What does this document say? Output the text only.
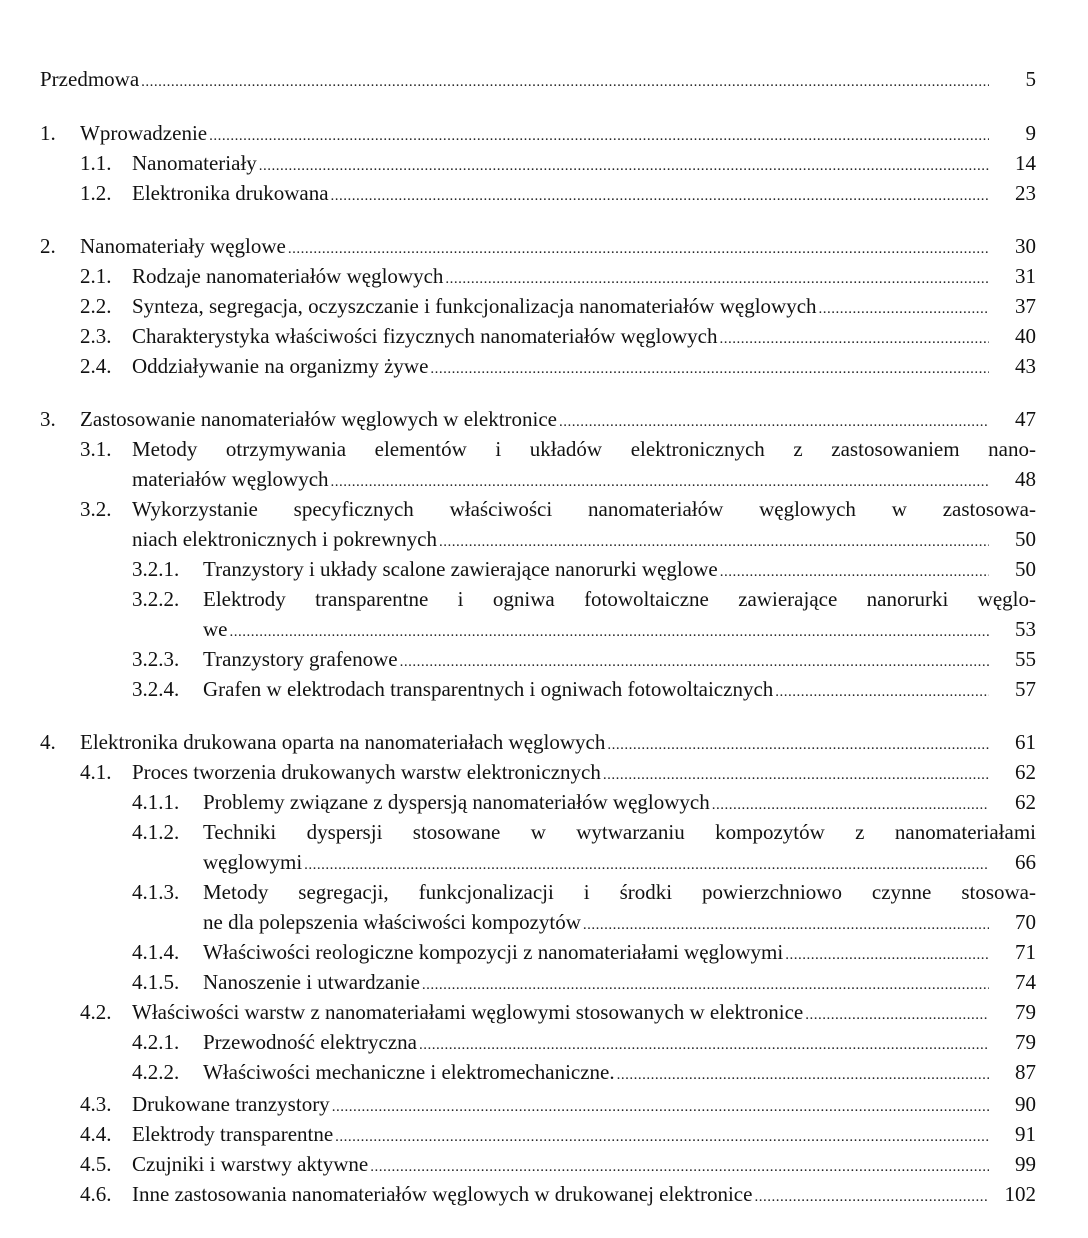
Przedmowa .....	5
1. Wprowadzenie .....	9
1.1. Nanomateriały .....	14
1.2. Elektronika drukowana .....	23
2. Nanomateriały węglowe .....	30
2.1. Rodzaje nanomateriałów węglowych .....	31
2.2. Synteza, segregacja, oczyszczanie i funkcjonalizacja nanomateriałów węglowych .....	37
2.3. Charakterystyka właściwości fizycznych nanomateriałów węglowych .....	40
2.4. Oddziaływanie na organizmy żywe .....	43
3. Zastosowanie nanomateriałów węglowych w elektronice .....	47
3.1. Metody otrzymywania elementów i układów elektronicznych z zastosowaniem nano-
materiałów węglowych .....	48
3.2. Wykorzystanie specyficznych właściwości nanomateriałów węglowych w zastosowa-
niach elektronicznych i pokrewnych .....	50
3.2.1. Tranzystory i układy scalone zawierające nanorurki węglowe .....	50
3.2.2. Elektrody transparentne i ogniwa fotowoltaiczne zawierające nanorurki węglo-
we .....	53
3.2.3. Tranzystory grafenowe .....	55
3.2.4. Grafen w elektrodach transparentnych i ogniwach fotowoltaicznych .....	57
4. Elektronika drukowana oparta na nanomateriałach węglowych .....	61
4.1. Proces tworzenia drukowanych warstw elektronicznych .....	62
4.1.1. Problemy związane z dyspersją nanomateriałów węglowych .....	62
4.1.2. Techniki dyspersji stosowane w wytwarzaniu kompozytów z nanomateriałami
węglowymi .....	66
4.1.3. Metody segregacji, funkcjonalizacji i środki powierzchniowo czynne stosowa-
ne dla polepszenia właściwości kompozytów .....	70
4.1.4. Właściwości reologiczne kompozycji z nanomateriałami węglowymi .....	71
4.1.5. Nanoszenie i utwardzanie .....	74
4.2. Właściwości warstw z nanomateriałami węglowymi stosowanych w elektronice .....	79
4.2.1. Przewodność elektryczna .....	79
4.2.2. Właściwości mechaniczne i elektromechaniczne. .....	87
4.3. Drukowane tranzystory .....	90
4.4. Elektrody transparentne .....	91
4.5. Czujniki i warstwy aktywne .....	99
4.6. Inne zastosowania nanomateriałów węglowych w drukowanej elektronice .....	102
